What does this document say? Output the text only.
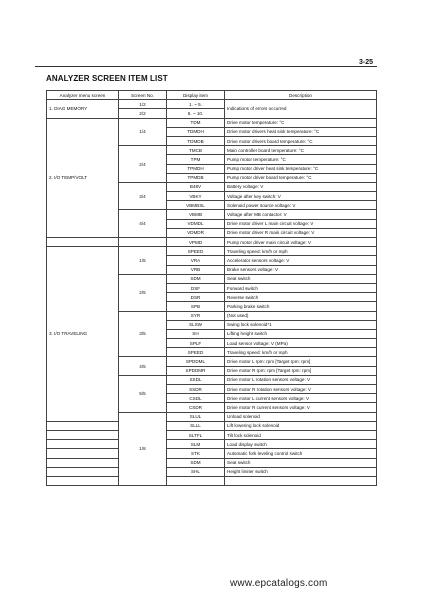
3-25
ANALYZER SCREEN ITEM LIST
Analyzer menu screen	Screen No.	Display item	Description
1. DIAG MEMORY	1/2	1. ~ 5.	Indications of errors occurred
	2/2	6. ~ 10.	
2. I/O TEMP/VOLT	1/4	TDM	Drive motor temperature: °C
		TDMDH	Drive motor drivers heat sink temperature: °C
		TDMDB	Drive motor drivers board temperature: °C
	2/4	TMCB	Main controller board temperature: °C
		TPM	Pump motor temperature: °C
		TPMDH	Pump motor driver heat sink temperature: °C
		TPMDB	Pump motor driver board temperature: °C
	3/4	B48V	Battery voltage: V
		VBKY	Voltage after key switch: V
		VBMBSL	Solenoid power source voltage: V
	4/4	VBMB	Voltage after MB contactor: V
		VDMDL	Drive motor driver L main circuit voltage: V
		VDMDR	Drive motor driver R main circuit voltage: V
		VPMD	Pump motor driver main circuit voltage: V
3. I/O TRAVELING	1/5	SPEED	Traveling speed: km/h or mph
		VRA	Accelerator sensors voltage: V
		VRB	Brake sensors voltage: V
	2/5	SDM	Seat switch
		DSF	Forward switch
		DSR	Reverse switch
		SPB	Parking brake switch
	3/5	SYR	(Not used)
		SLSW	Swing lock solenoid*1
		SH	Lifting height switch
		SPLF	Load sensor voltage: V (MPa)
		SPEED	Traveling speed: km/h or mph
	4/5	SPDDML	Drive motor L rpm: rpm [Target rpm: rpm]
		SPDDMR	Drive motor R rpm: rpm [Target rpm: rpm]
	5/5	SSDL	Drive motor L rotation sensors voltage: V
		SSDR	Drive motor R rotation sensors voltage: V
		CSDL	Drive motor L current sensors voltage: V
		CSDR	Drive motor R current sensors voltage: V
	1/8	SLUL	Unload solenoid
		SLLL	Lift lowering lock solenoid
		SLTFL	Tilt lock solenoid
		SLM	Load display switch
		STK	Automatic fork leveling control switch
		SDM	Seat switch
		SHL	Height limiter switch

www.epcatalogs.com
